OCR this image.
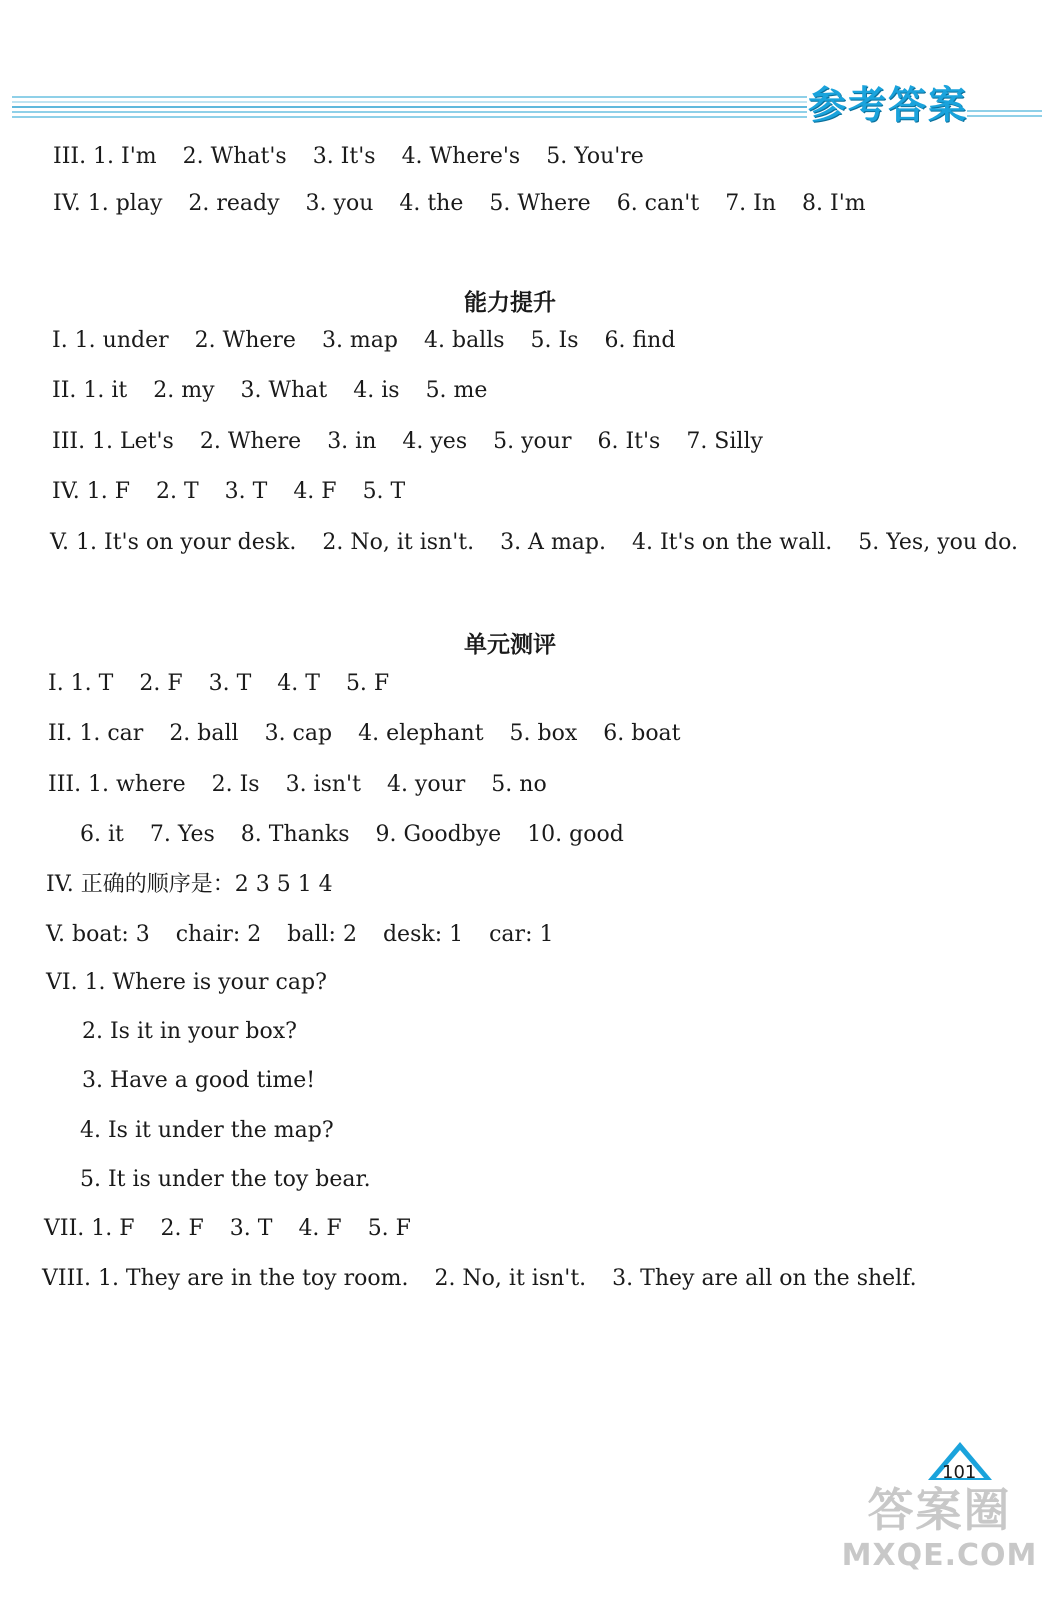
参考答案
III. 1. I'm 2. What's 3. It's 4. Where's 5. You're
IV. 1. play 2. ready 3. you 4. the 5. Where 6. can't 7. In 8. I'm
能力提升
I. 1. under 2. Where 3. map 4. balls 5. Is 6. find
II. 1. it 2. my 3. What 4. is 5. me
III. 1. Let's 2. Where 3. in 4. yes 5. your 6. It's 7. Silly
IV. 1. F 2. T 3. T 4. F 5. T
V. 1. It's on your desk. 2. No, it isn't. 3. A map. 4. It's on the wall. 5. Yes, you do.
单元测评
I. 1. T 2. F 3. T 4. T 5. F
II. 1. car 2. ball 3. cap 4. elephant 5. box 6. boat
III. 1. where 2. Is 3. isn't 4. your 5. no
6. it 7. Yes 8. Thanks 9. Goodbye 10. good
IV. 正确的顺序是：2 3 5 1 4
V. boat: 3 chair: 2 ball: 2 desk: 1 car: 1
VI. 1. Where is your cap?
2. Is it in your box?
3. Have a good time!
4. Is it under the map?
5. It is under the toy bear.
VII. 1. F 2. F 3. T 4. F 5. F
VIII. 1. They are in the toy room. 2. No, it isn't. 3. They are all on the shelf.
101
答案圈
MXQE.COM
